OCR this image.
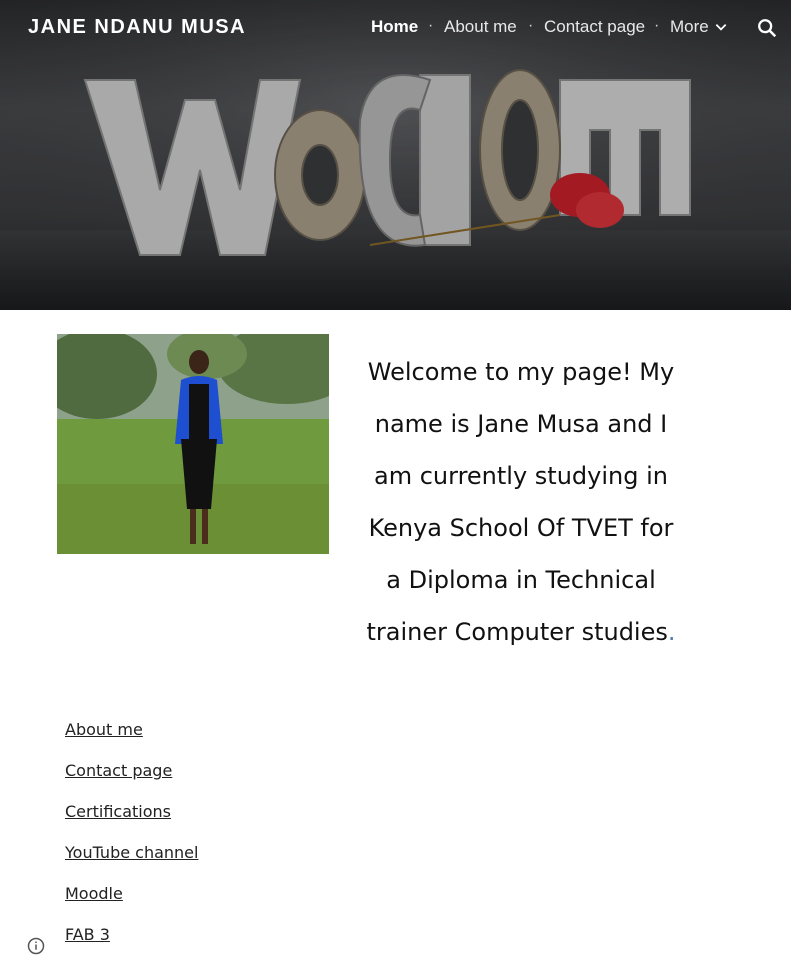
JANE NDANU MUSA	Home · About me · Contact page · More
Welcome to my page! My name is Jane Musa and I am currently studying in Kenya School Of TVET for a Diploma in Technical trainer Computer studies.
About me
Contact page
Certifications
YouTube channel
Moodle
FAB 3
